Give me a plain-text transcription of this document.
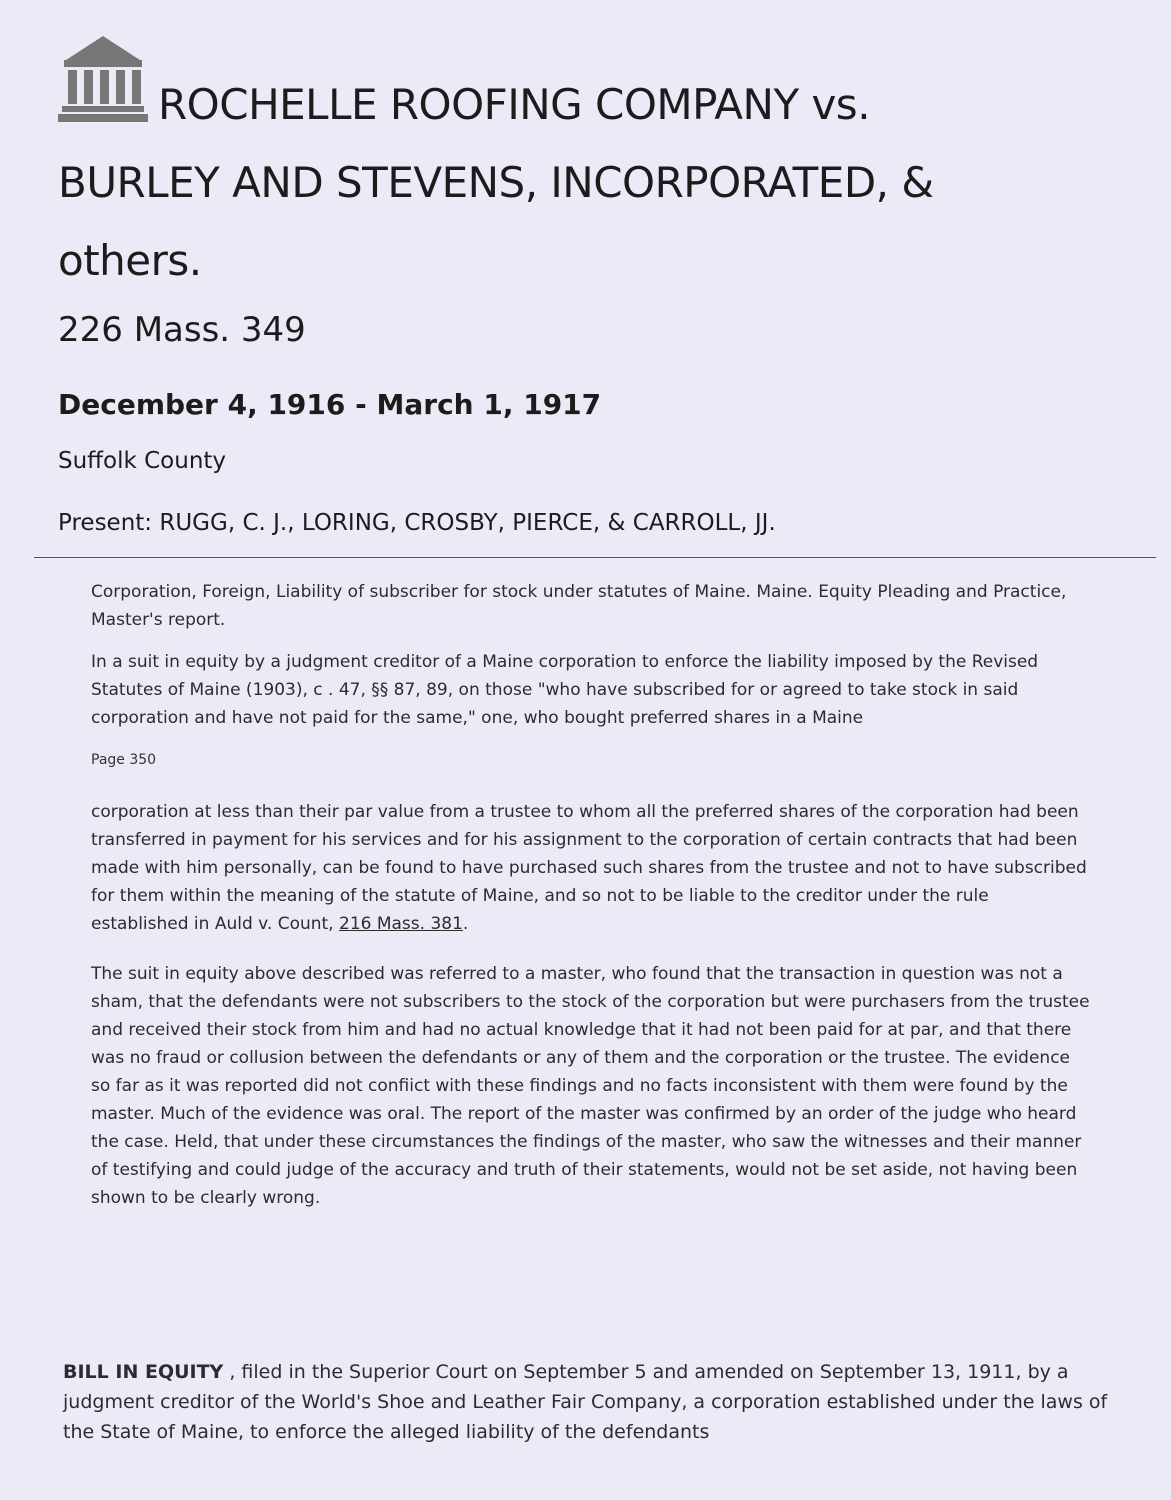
ROCHELLE ROOFING COMPANY vs.
BURLEY AND STEVENS, INCORPORATED, &
others.
226 Mass. 349
December 4, 1916 - March 1, 1917
Suffolk County
Present: RUGG, C. J., LORING, CROSBY, PIERCE, & CARROLL, JJ.

Corporation, Foreign, Liability of subscriber for stock under statutes of Maine. Maine. Equity Pleading and Practice, Master's report.

In a suit in equity by a judgment creditor of a Maine corporation to enforce the liability imposed by the Revised Statutes of Maine (1903), c . 47, §§ 87, 89, on those "who have subscribed for or agreed to take stock in said corporation and have not paid for the same," one, who bought preferred shares in a Maine

Page 350

corporation at less than their par value from a trustee to whom all the preferred shares of the corporation had been transferred in payment for his services and for his assignment to the corporation of certain contracts that had been made with him personally, can be found to have purchased such shares from the trustee and not to have subscribed for them within the meaning of the statute of Maine, and so not to be liable to the creditor under the rule established in Auld v. Count, 216 Mass. 381.

The suit in equity above described was referred to a master, who found that the transaction in question was not a sham, that the defendants were not subscribers to the stock of the corporation but were purchasers from the trustee and received their stock from him and had no actual knowledge that it had not been paid for at par, and that there was no fraud or collusion between the defendants or any of them and the corporation or the trustee. The evidence so far as it was reported did not confiict with these findings and no facts inconsistent with them were found by the master. Much of the evidence was oral. The report of the master was confirmed by an order of the judge who heard the case. Held, that under these circumstances the findings of the master, who saw the witnesses and their manner of testifying and could judge of the accuracy and truth of their statements, would not be set aside, not having been shown to be clearly wrong.

BILL IN EQUITY , filed in the Superior Court on September 5 and amended on September 13, 1911, by a judgment creditor of the World's Shoe and Leather Fair Company, a corporation established under the laws of the State of Maine, to enforce the alleged liability of the defendants
